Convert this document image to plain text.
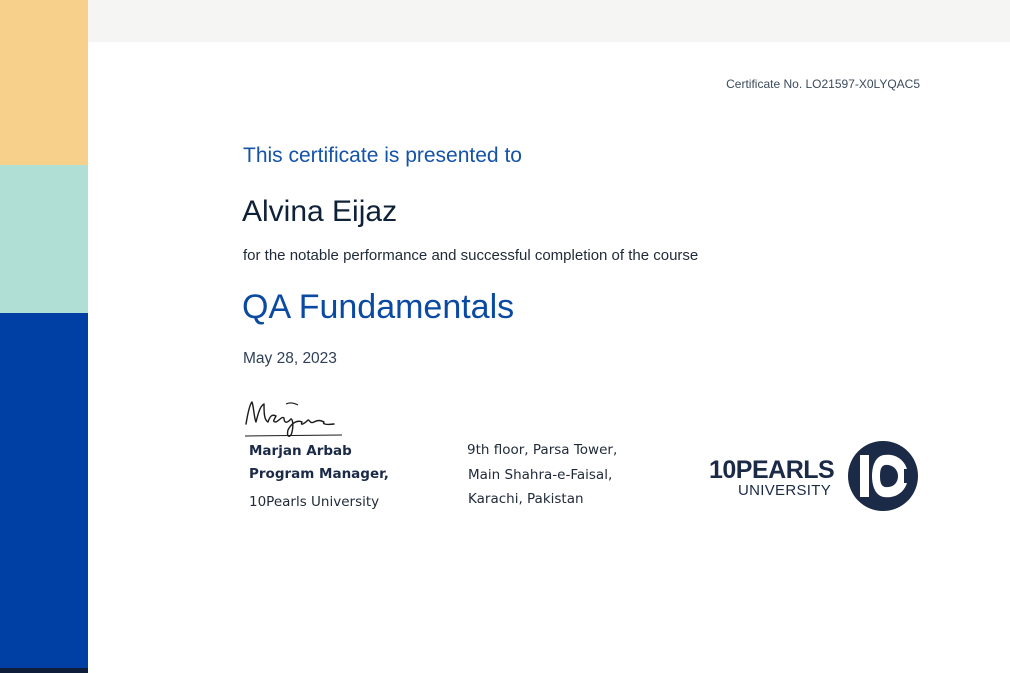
Certificate No. LO21597-X0LYQAC5
This certificate is presented to
Alvina Eijaz
for the notable performance and successful completion of the course
QA Fundamentals
May 28, 2023
Marjan Arbab
Program Manager,
10Pearls University
9th floor, Parsa Tower,
Main Shahra-e-Faisal,
Karachi, Pakistan
10PEARLS
UNIVERSITY
